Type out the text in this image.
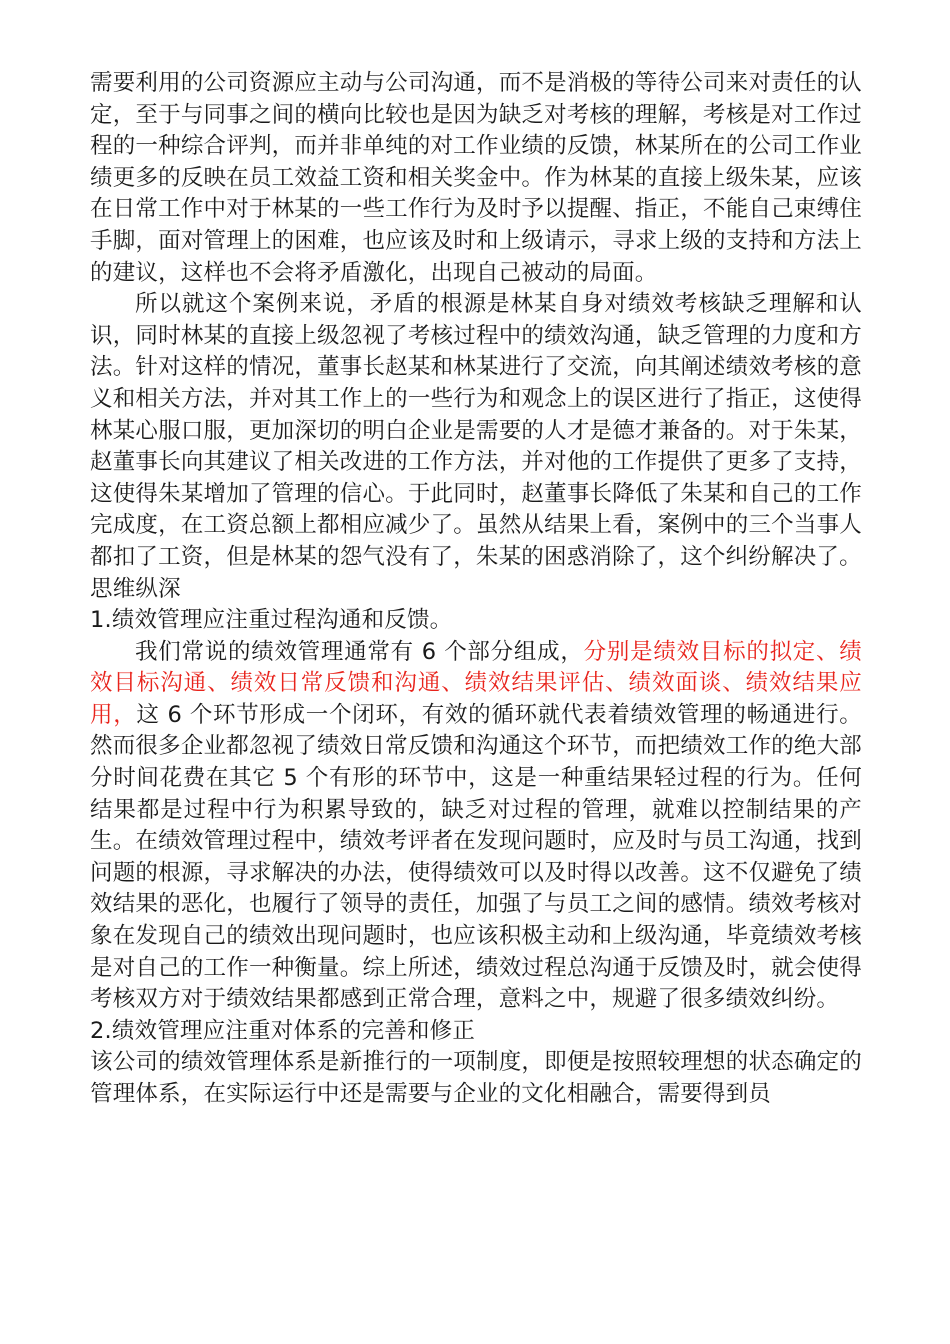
需要利用的公司资源应主动与公司沟通，而不是消极的等待公司来对责任的认定，至于与同事之间的横向比较也是因为缺乏对考核的理解，考核是对工作过程的一种综合评判，而并非单纯的对工作业绩的反馈，林某所在的公司工作业绩更多的反映在员工效益工资和相关奖金中。作为林某的直接上级朱某，应该在日常工作中对于林某的一些工作行为及时予以提醒、指正，不能自己束缚住手脚，面对管理上的困难，也应该及时和上级请示，寻求上级的支持和方法上的建议，这样也不会将矛盾激化，出现自己被动的局面。

所以就这个案例来说，矛盾的根源是林某自身对绩效考核缺乏理解和认识，同时林某的直接上级忽视了考核过程中的绩效沟通，缺乏管理的力度和方法。针对这样的情况，董事长赵某和林某进行了交流，向其阐述绩效考核的意义和相关方法，并对其工作上的一些行为和观念上的误区进行了指正，这使得林某心服口服，更加深切的明白企业是需要的人才是德才兼备的。对于朱某，赵董事长向其建议了相关改进的工作方法，并对他的工作提供了更多了支持，这使得朱某增加了管理的信心。于此同时，赵董事长降低了朱某和自己的工作完成度，在工资总额上都相应减少了。虽然从结果上看，案例中的三个当事人都扣了工资，但是林某的怨气没有了，朱某的困惑消除了，这个纠纷解决了。

思维纵深

1.绩效管理应注重过程沟通和反馈。

我们常说的绩效管理通常有 6 个部分组成，分别是绩效目标的拟定、绩效目标沟通、绩效日常反馈和沟通、绩效结果评估、绩效面谈、绩效结果应用，这 6 个环节形成一个闭环，有效的循环就代表着绩效管理的畅通进行。然而很多企业都忽视了绩效日常反馈和沟通这个环节，而把绩效工作的绝大部分时间花费在其它 5 个有形的环节中，这是一种重结果轻过程的行为。任何结果都是过程中行为积累导致的，缺乏对过程的管理，就难以控制结果的产生。在绩效管理过程中，绩效考评者在发现问题时，应及时与员工沟通，找到问题的根源，寻求解决的办法，使得绩效可以及时得以改善。这不仅避免了绩效结果的恶化，也履行了领导的责任，加强了与员工之间的感情。绩效考核对象在发现自己的绩效出现问题时，也应该积极主动和上级沟通，毕竟绩效考核是对自己的工作一种衡量。综上所述，绩效过程总沟通于反馈及时，就会使得考核双方对于绩效结果都感到正常合理，意料之中，规避了很多绩效纠纷。

2.绩效管理应注重对体系的完善和修正

该公司的绩效管理体系是新推行的一项制度，即便是按照较理想的状态确定的管理体系，在实际运行中还是需要与企业的文化相融合，需要得到员
